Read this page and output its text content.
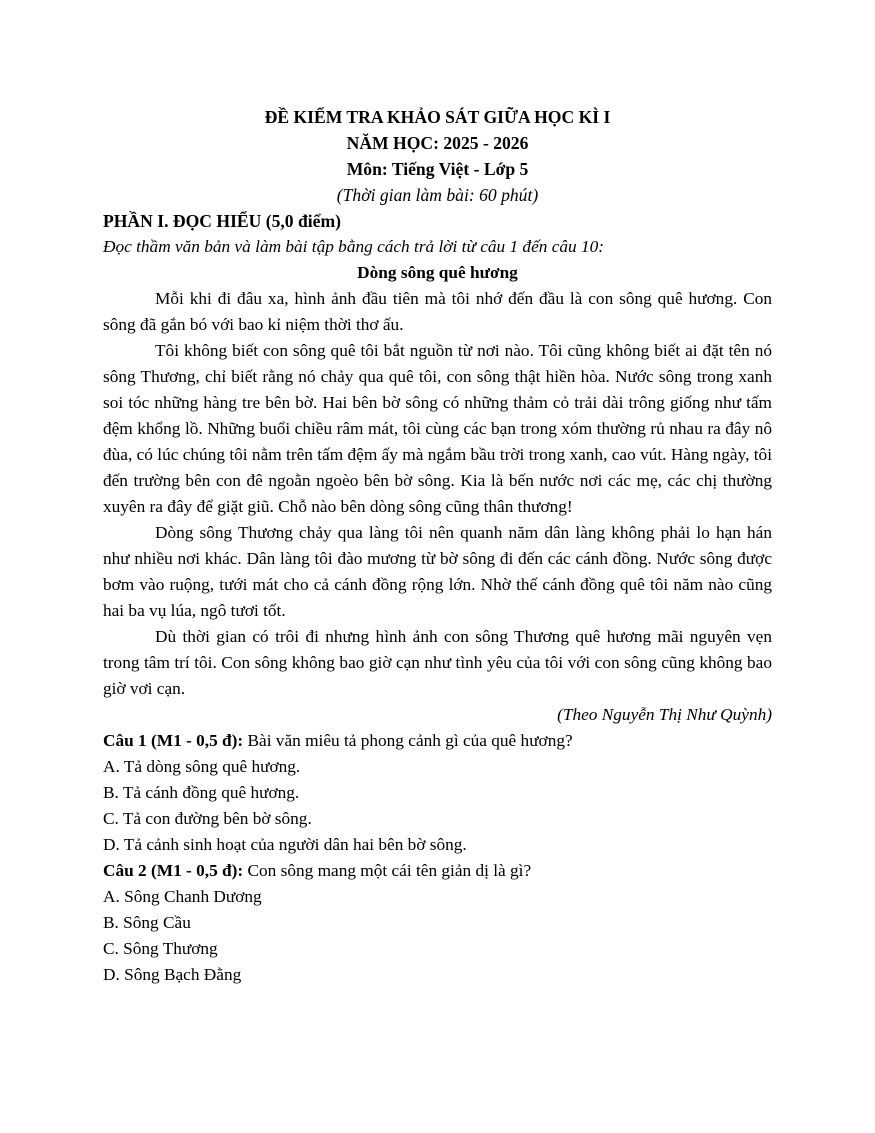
ĐỀ KIỂM TRA KHẢO SÁT GIỮA HỌC KÌ I
NĂM HỌC: 2025 - 2026
Môn: Tiếng Việt - Lớp 5
(Thời gian làm bài: 60 phút)

PHẦN I. ĐỌC HIỂU (5,0 điểm)

Đọc thầm văn bản và làm bài tập bằng cách trả lời từ câu 1 đến câu 10:

Dòng sông quê hương

Mỗi khi đi đâu xa, hình ảnh đầu tiên mà tôi nhớ đến đầu là con sông quê hương. Con sông đã gắn bó với bao kỉ niệm thời thơ ấu.

Tôi không biết con sông quê tôi bắt nguồn từ nơi nào. Tôi cũng không biết ai đặt tên nó sông Thương, chỉ biết rằng nó chảy qua quê tôi, con sông thật hiền hòa. Nước sông trong xanh soi tóc những hàng tre bên bờ. Hai bên bờ sông có những thảm cỏ trải dài trông giống như tấm đệm khổng lồ. Những buổi chiều râm mát, tôi cùng các bạn trong xóm thường rủ nhau ra đây nô đùa, có lúc chúng tôi nằm trên tấm đệm ấy mà ngắm bầu trời trong xanh, cao vút. Hàng ngày, tôi đến trường bên con đê ngoằn ngoèo bên bờ sông. Kia là bến nước nơi các mẹ, các chị thường xuyên ra đây để giặt giũ. Chỗ nào bên dòng sông cũng thân thương!

Dòng sông Thương chảy qua làng tôi nên quanh năm dân làng không phải lo hạn hán như nhiều nơi khác. Dân làng tôi đào mương từ bờ sông đi đến các cánh đồng. Nước sông được bơm vào ruộng, tưới mát cho cả cánh đồng rộng lớn. Nhờ thế cánh đồng quê tôi năm nào cũng hai ba vụ lúa, ngô tươi tốt.

Dù thời gian có trôi đi nhưng hình ảnh con sông Thương quê hương mãi nguyên vẹn trong tâm trí tôi. Con sông không bao giờ cạn như tình yêu của tôi với con sông cũng không bao giờ vơi cạn.

(Theo Nguyễn Thị Như Quỳnh)

Câu 1 (M1 - 0,5 đ): Bài văn miêu tả phong cảnh gì của quê hương?

A. Tả dòng sông quê hương.

B. Tả cánh đồng quê hương.

C. Tả con đường bên bờ sông.

D. Tả cảnh sinh hoạt của người dân hai bên bờ sông.

Câu 2 (M1 - 0,5 đ): Con sông mang một cái tên giản dị là gì?

A. Sông Chanh Dương

B. Sông Cầu

C. Sông Thương

D. Sông Bạch Đằng
